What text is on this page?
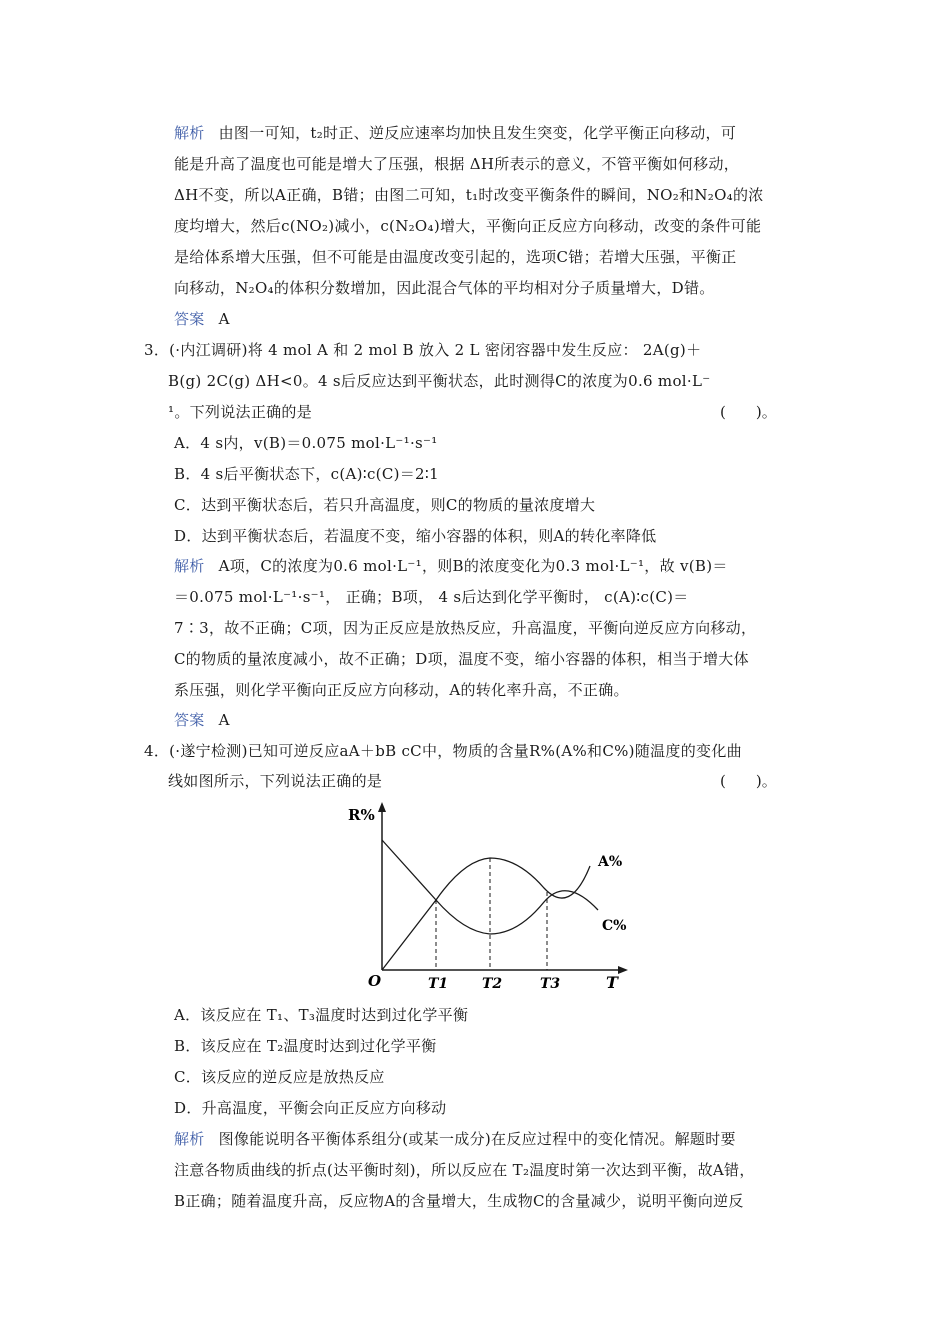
解析 由图一可知，t₂时正、逆反应速率均加快且发生突变，化学平衡正向移动，可
能是升高了温度也可能是增大了压强，根据 ΔH所表示的意义，不管平衡如何移动，
ΔH不变，所以A正确，B错；由图二可知，t₁时改变平衡条件的瞬间，NO₂和N₂O₄的浓
度均增大，然后c(NO₂)减小，c(N₂O₄)增大，平衡向正反应方向移动，改变的条件可能
是给体系增大压强，但不可能是由温度改变引起的，选项C错；若增大压强，平衡正
向移动，N₂O₄的体积分数增加，因此混合气体的平均相对分子质量增大，D错。
答案 A
3．(·内江调研)将 4 mol A 和 2 mol B 放入 2 L 密闭容器中发生反应： 2A(g)＋
B(g) 2C(g) ΔH<0。4 s后反应达到平衡状态，此时测得C的浓度为0.6 mol·L⁻
¹。下列说法正确的是	(　　)。
A．4 s内，v(B)＝0.075 mol·L⁻¹·s⁻¹
B．4 s后平衡状态下，c(A)∶c(C)＝2∶1
C．达到平衡状态后，若只升高温度，则C的物质的量浓度增大
D．达到平衡状态后，若温度不变，缩小容器的体积，则A的转化率降低
解析 A项，C的浓度为0.6 mol·L⁻¹，则B的浓度变化为0.3 mol·L⁻¹，故 v(B)＝
＝0.075 mol·L⁻¹·s⁻¹， 正确；B项， 4 s后达到化学平衡时， c(A)∶c(C)＝
7∶3，故不正确；C项，因为正反应是放热反应，升高温度，平衡向逆反应方向移动，
C的物质的量浓度减小，故不正确；D项，温度不变，缩小容器的体积，相当于增大体
系压强，则化学平衡向正反应方向移动，A的转化率升高，不正确。
答案 A
4．(·遂宁检测)已知可逆反应aA＋bB cC中，物质的含量R%(A%和C%)随温度的变化曲
线如图所示，下列说法正确的是	(　　)。
R%
O	T
T1 T2	T3
A%
C%
A．该反应在 T₁、T₃温度时达到过化学平衡
B．该反应在 T₂温度时达到过化学平衡
C．该反应的逆反应是放热反应
D．升高温度，平衡会向正反应方向移动
解析 图像能说明各平衡体系组分(或某一成分)在反应过程中的变化情况。解题时要
注意各物质曲线的折点(达平衡时刻)，所以反应在 T₂温度时第一次达到平衡，故A错，
B正确；随着温度升高，反应物A的含量增大，生成物C的含量减少，说明平衡向逆反
